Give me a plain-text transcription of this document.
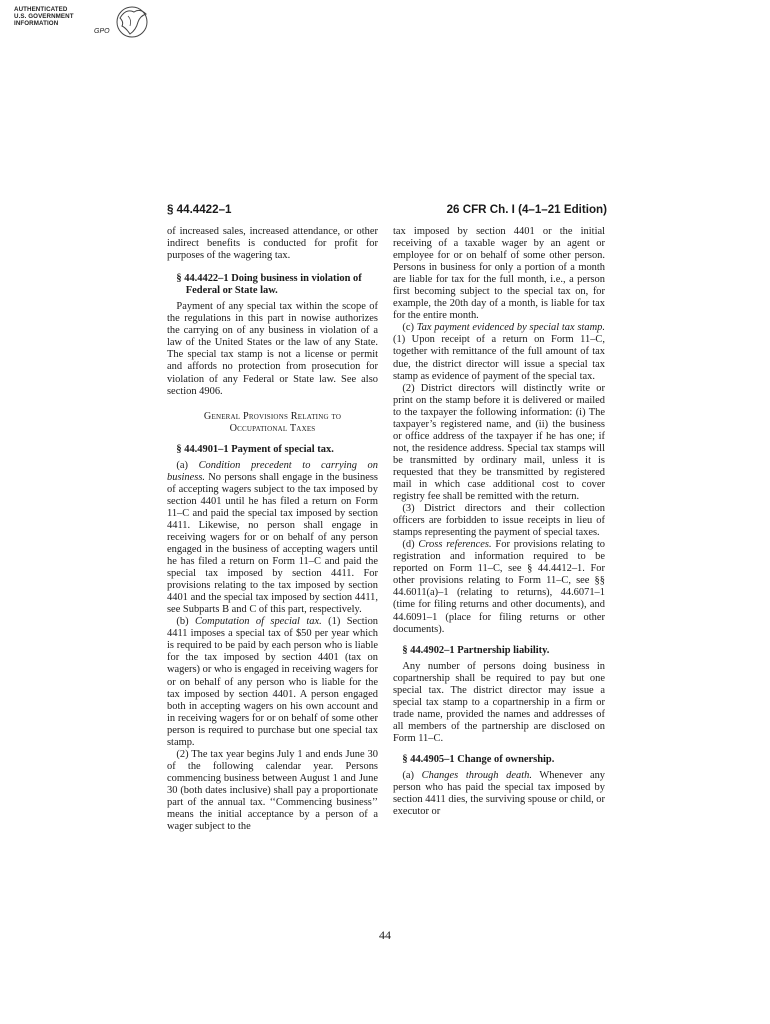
AUTHENTICATED
U.S. GOVERNMENT
INFORMATION
GPO
§ 44.4422–1	26 CFR Ch. I (4–1–21 Edition)

of increased sales, increased attendance, or other indirect benefits is conducted for profit for purposes of the wagering tax.

§ 44.4422–1 Doing business in violation of Federal or State law.

Payment of any special tax within the scope of the regulations in this part in nowise authorizes the carrying on of any business in violation of a law of the United States or the law of any State. The special tax stamp is not a license or permit and affords no protection from prosecution for violation of any Federal or State law. See also section 4906.

General Provisions Relating to
Occupational Taxes
§ 44.4901–1 Payment of special tax.

(a) Condition precedent to carrying on business. No persons shall engage in the business of accepting wagers subject to the tax imposed by section 4401 until he has filed a return on Form 11–C and paid the special tax imposed by section 4411. Likewise, no person shall engage in receiving wagers for or on behalf of any person engaged in the business of accepting wagers until he has filed a return on Form 11–C and paid the special tax imposed by section 4411. For provisions relating to the tax imposed by section 4401 and the special tax imposed by section 4411, see Subparts B and C of this part, respectively.

(b) Computation of special tax. (1) Section 4411 imposes a special tax of $50 per year which is required to be paid by each person who is liable for the tax imposed by section 4401 (tax on wagers) or who is engaged in receiving wagers for or on behalf of any person who is liable for the tax imposed by section 4401. A person engaged both in accepting wagers on his own account and in receiving wagers for or on behalf of some other person is required to purchase but one special tax stamp.

(2) The tax year begins July 1 and ends June 30 of the following calendar year. Persons commencing business between August 1 and June 30 (both dates inclusive) shall pay a proportionate part of the annual tax. ‘‘Commencing business’’ means the initial acceptance by a person of a wager subject to the

tax imposed by section 4401 or the initial receiving of a taxable wager by an agent or employee for or on behalf of some other person. Persons in business for only a portion of a month are liable for tax for the full month, i.e., a person first becoming subject to the special tax on, for example, the 20th day of a month, is liable for tax for the entire month.

(c) Tax payment evidenced by special tax stamp. (1) Upon receipt of a return on Form 11–C, together with remittance of the full amount of tax due, the district director will issue a special tax stamp as evidence of payment of the special tax.

(2) District directors will distinctly write or print on the stamp before it is delivered or mailed to the taxpayer the following information: (i) The taxpayer’s registered name, and (ii) the business or office address of the taxpayer if he has one; if not, the residence address. Special tax stamps will be transmitted by ordinary mail, unless it is requested that they be transmitted by registered mail in which case additional cost to cover registry fee shall be remitted with the return.

(3) District directors and their collection officers are forbidden to issue receipts in lieu of stamps representing the payment of special taxes.

(d) Cross references. For provisions relating to registration and information required to be reported on Form 11–C, see § 44.4412–1. For other provisions relating to Form 11–C, see §§ 44.6011(a)–1 (relating to returns), 44.6071–1 (time for filing returns and other documents), and 44.6091–1 (place for filing returns or other documents).

§ 44.4902–1 Partnership liability.

Any number of persons doing business in copartnership shall be required to pay but one special tax. The district director may issue a special tax stamp to a copartnership in a firm or trade name, provided the names and addresses of all members of the partnership are disclosed on Form 11–C.

§ 44.4905–1 Change of ownership.

(a) Changes through death. Whenever any person who has paid the special tax imposed by section 4411 dies, the surviving spouse or child, or executor or

44
